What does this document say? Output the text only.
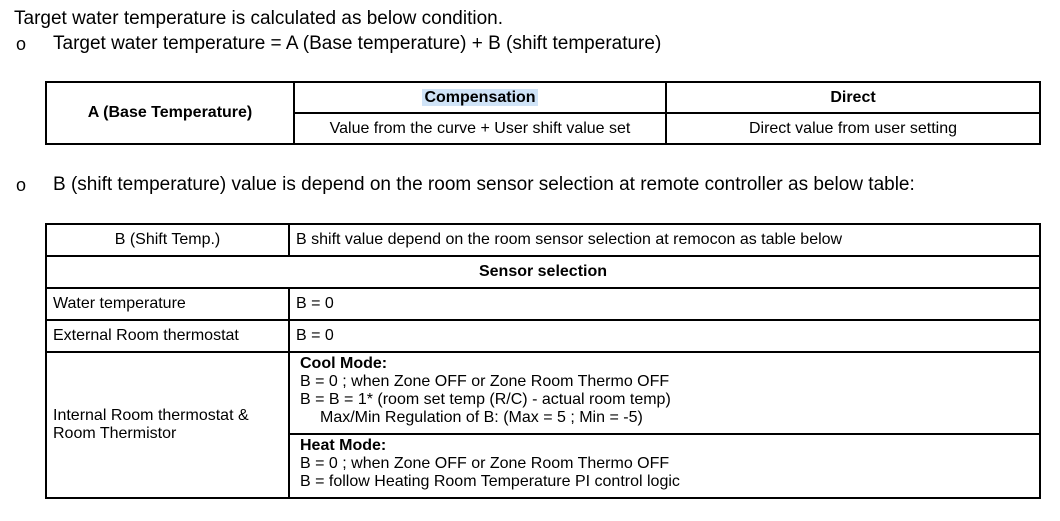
Target water temperature is calculated as below condition.
o Target water temperature = A (Base temperature) + B (shift temperature)
A (Base Temperature)	Compensation	Direct
	Value from the curve + User shift value set	Direct value from user setting
o B (shift temperature) value is depend on the room sensor selection at remote controller as below table:
B (Shift Temp.)	B shift value depend on the room sensor selection at remocon as table below
Sensor selection	
Water temperature	B = 0
External Room thermostat	B = 0

Internal Room thermostat &
Room Thermistor	Cool Mode:
B = 0 ; when Zone OFF or Zone Room Thermo OFF
B = B = 1* (room set temp (R/C) - actual room temp)
Max/Min Regulation of B: (Max = 5 ; Min = -5)

	Heat Mode:
B = 0 ; when Zone OFF or Zone Room Thermo OFF
B = follow Heating Room Temperature PI control logic
